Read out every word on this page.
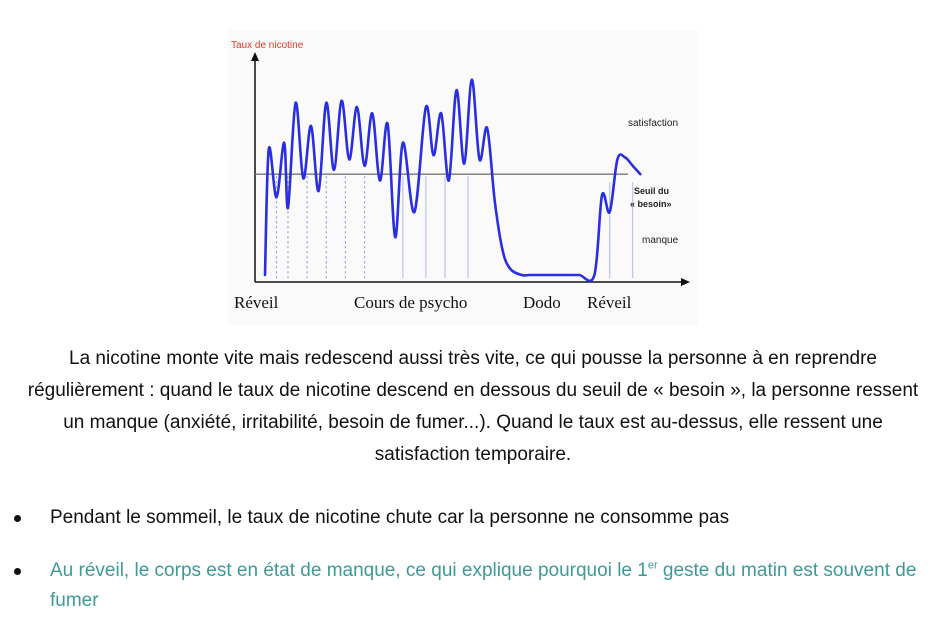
Taux de nicotine
satisfaction
Seuil du
« besoin»
manque
Réveil	Cours de psycho	Dodo Réveil

La nicotine monte vite mais redescend aussi très vite, ce qui pousse la personne à en reprendre régulièrement : quand le taux de nicotine descend en dessous du seuil de « besoin », la personne ressent un manque (anxiété, irritabilité, besoin de fumer...). Quand le taux est au-dessus, elle ressent une satisfaction temporaire.

Pendant le sommeil, le taux de nicotine chute car la personne ne consomme pas
Au réveil, le corps est en état de manque, ce qui explique pourquoi le 1er geste du matin est souvent de fumer
